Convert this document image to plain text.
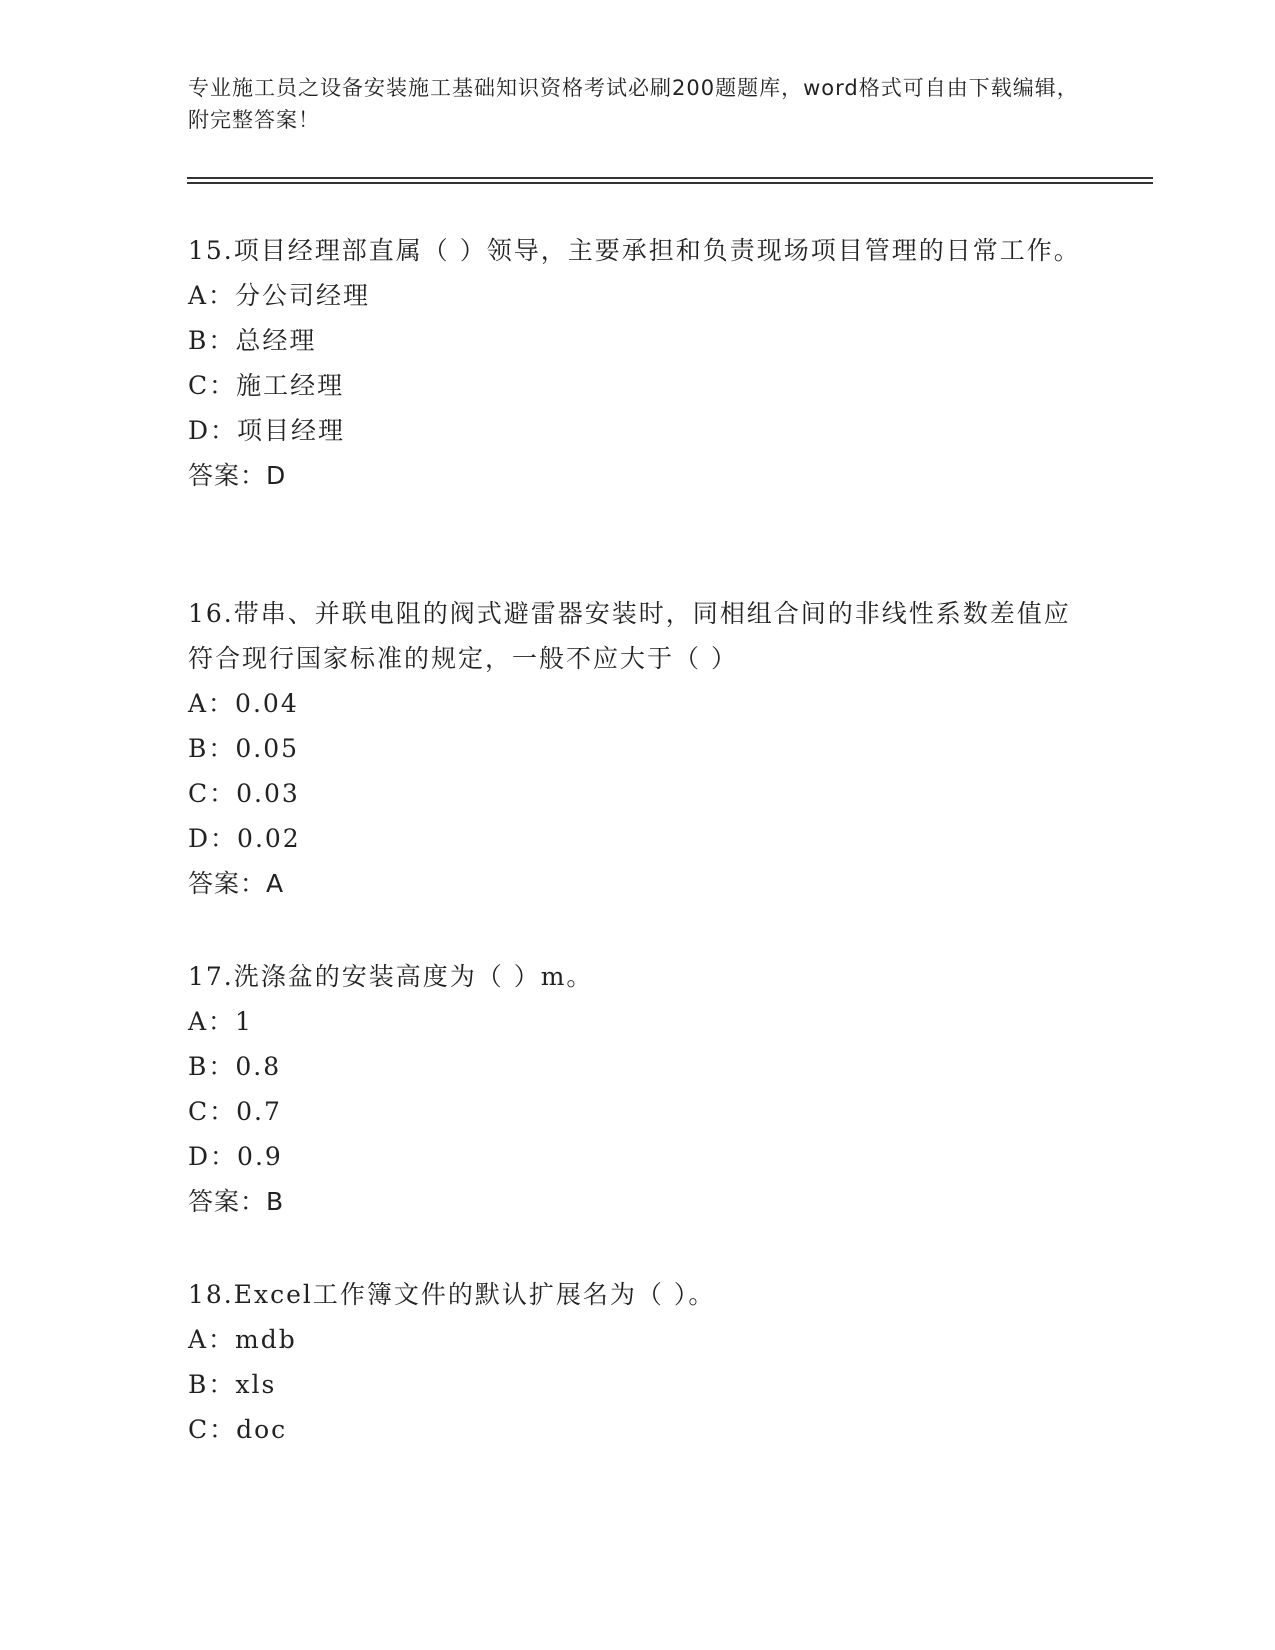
专业施工员之设备安装施工基础知识资格考试必刷200题题库，word格式可自由下载编辑，附完整答案！

15.项目经理部直属（ ）领导，主要承担和负责现场项目管理的日常工作。

A：分公司经理

B：总经理

C：施工经理

D：项目经理

答案：D

16.带串、并联电阻的阀式避雷器安装时，同相组合间的非线性系数差值应符合现行国家标准的规定，一般不应大于（ ）

A：0.04

B：0.05

C：0.03

D：0.02

答案：A

17.洗涤盆的安装高度为（ ）m。

A：1

B：0.8

C：0.7

D：0.9

答案：B

18.Excel工作簿文件的默认扩展名为（ ）。

A：mdb

B：xls

C：doc
